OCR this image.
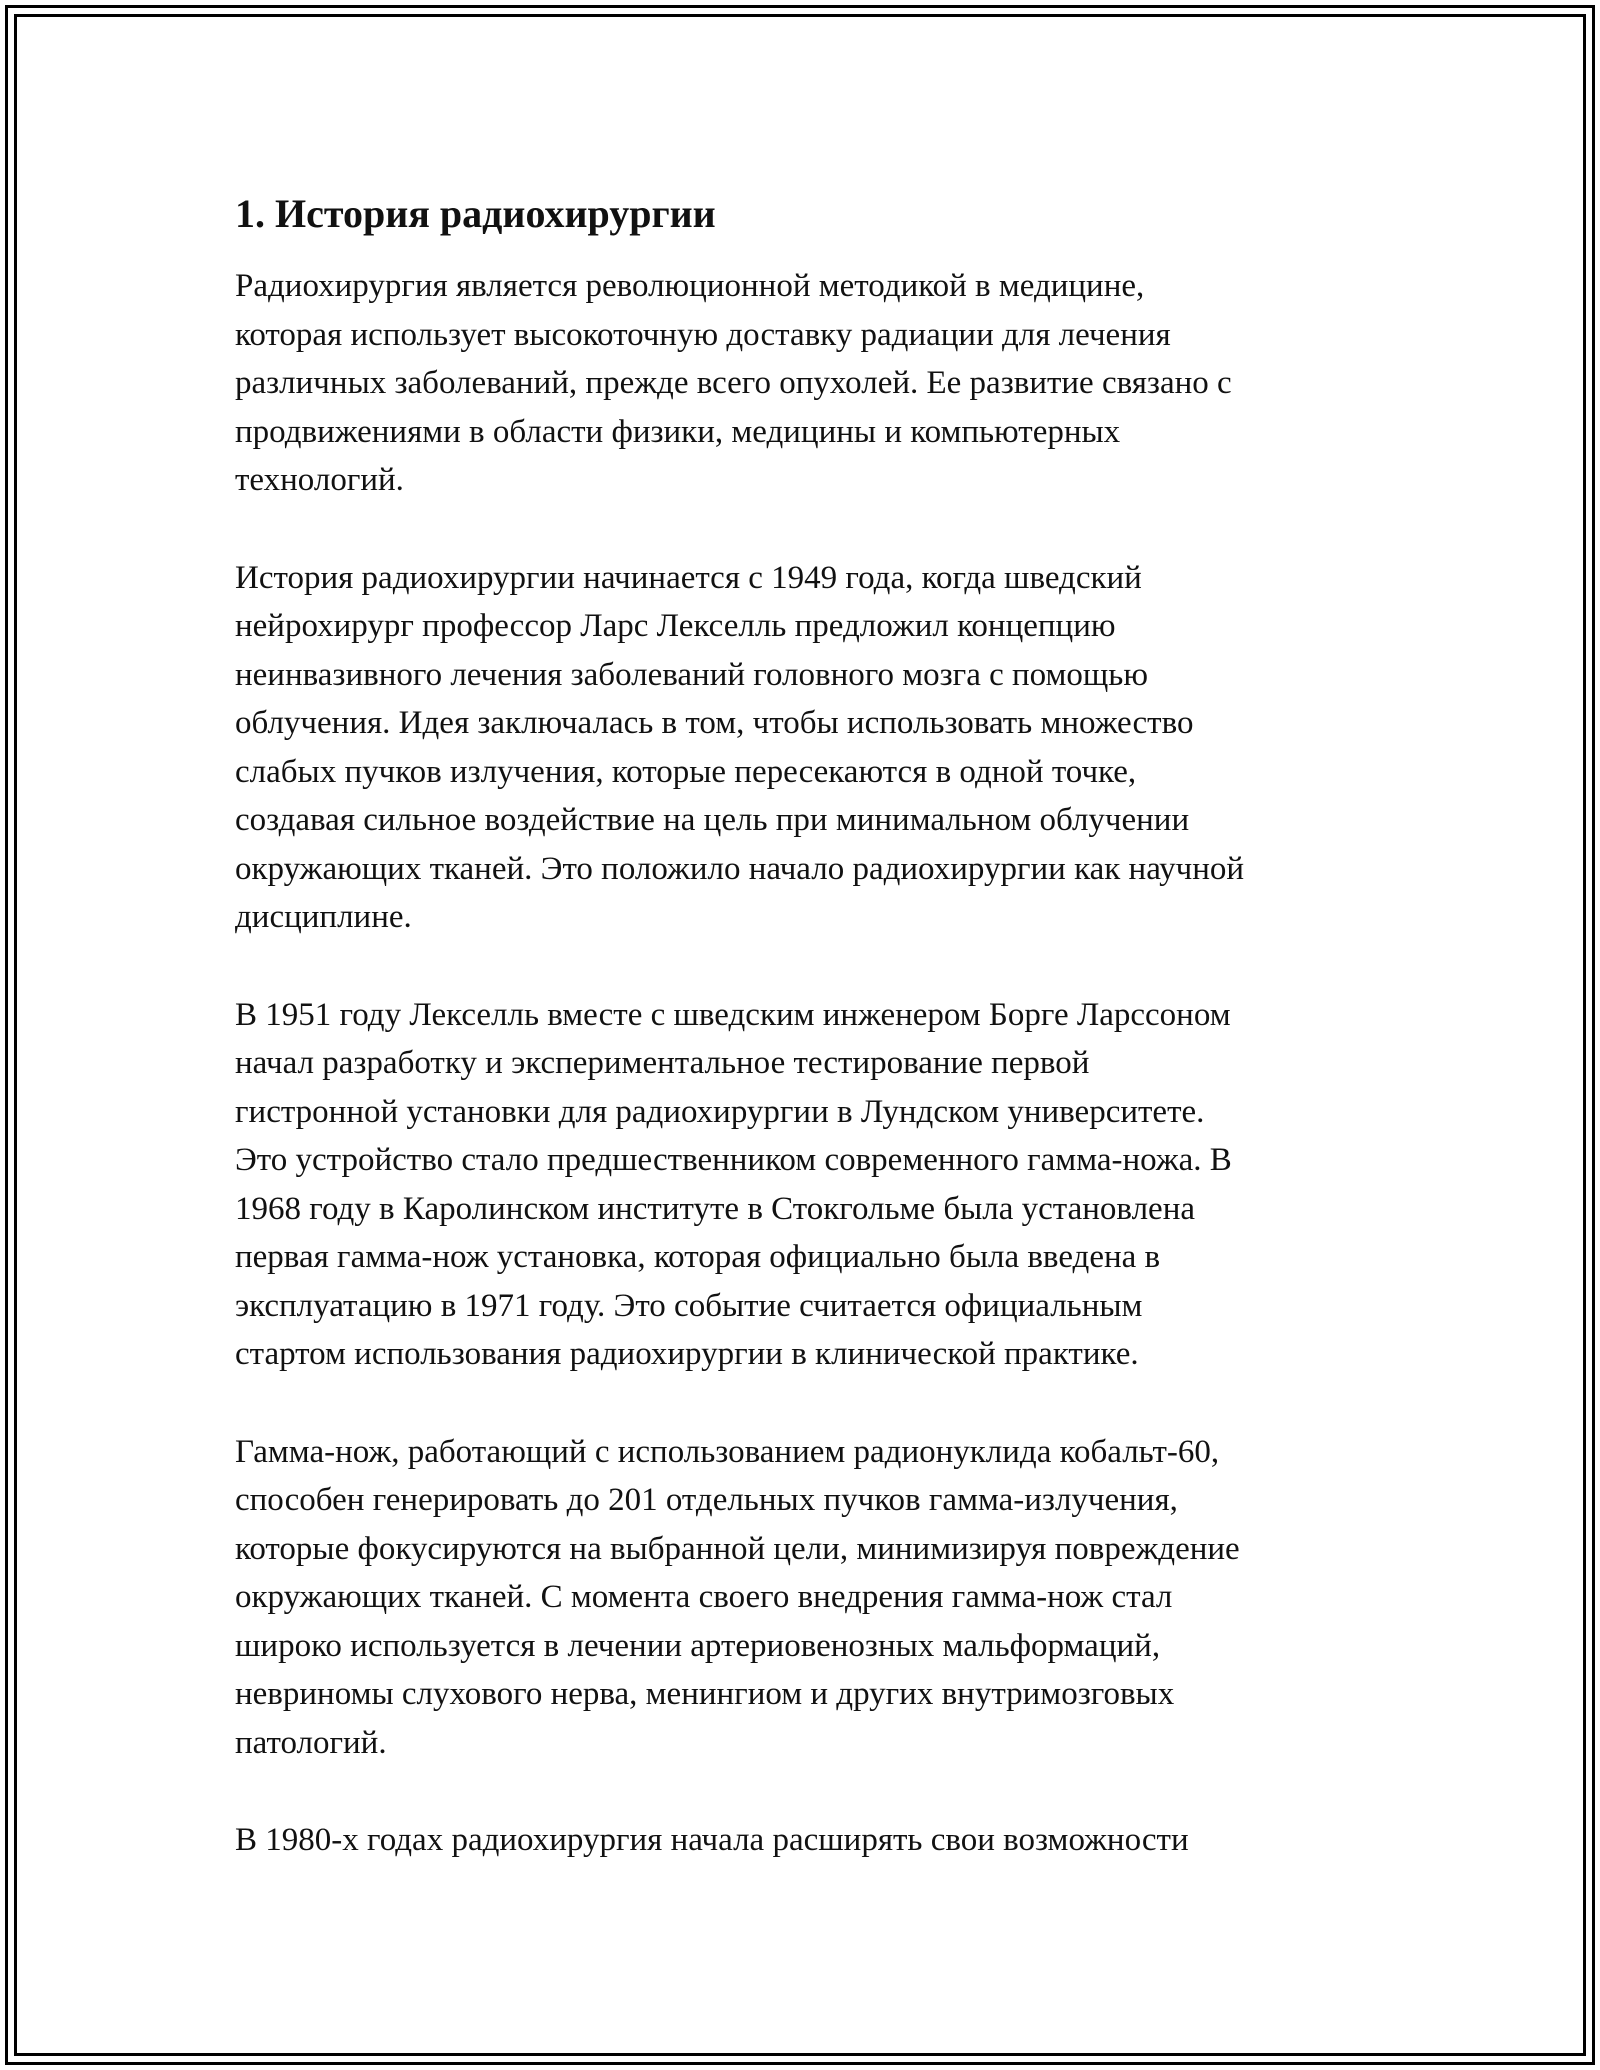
1. История радиохирургии

Радиохирургия является революционной методикой в медицине,
которая использует высокоточную доставку радиации для лечения
различных заболеваний, прежде всего опухолей. Ее развитие связано с
продвижениями в области физики, медицины и компьютерных
технологий.

История радиохирургии начинается с 1949 года, когда шведский
нейрохирург профессор Ларс Лекселль предложил концепцию
неинвазивного лечения заболеваний головного мозга с помощью
облучения. Идея заключалась в том, чтобы использовать множество
слабых пучков излучения, которые пересекаются в одной точке,
создавая сильное воздействие на цель при минимальном облучении
окружающих тканей. Это положило начало радиохирургии как научной
дисциплине.

В 1951 году Лекселль вместе с шведским инженером Борге Ларссоном
начал разработку и экспериментальное тестирование первой
гистронной установки для радиохирургии в Лундском университете.
Это устройство стало предшественником современного гамма-ножа. В
1968 году в Каролинском институте в Стокгольме была установлена
первая гамма-нож установка, которая официально была введена в
эксплуатацию в 1971 году. Это событие считается официальным
стартом использования радиохирургии в клинической практике.

Гамма-нож, работающий с использованием радионуклида кобальт-60,
способен генерировать до 201 отдельных пучков гамма-излучения,
которые фокусируются на выбранной цели, минимизируя повреждение
окружающих тканей. С момента своего внедрения гамма-нож стал
широко используется в лечении артериовенозных мальформаций,
невриномы слухового нерва, менингиом и других внутримозговых
патологий.

В 1980-х годах радиохирургия начала расширять свои возможности
